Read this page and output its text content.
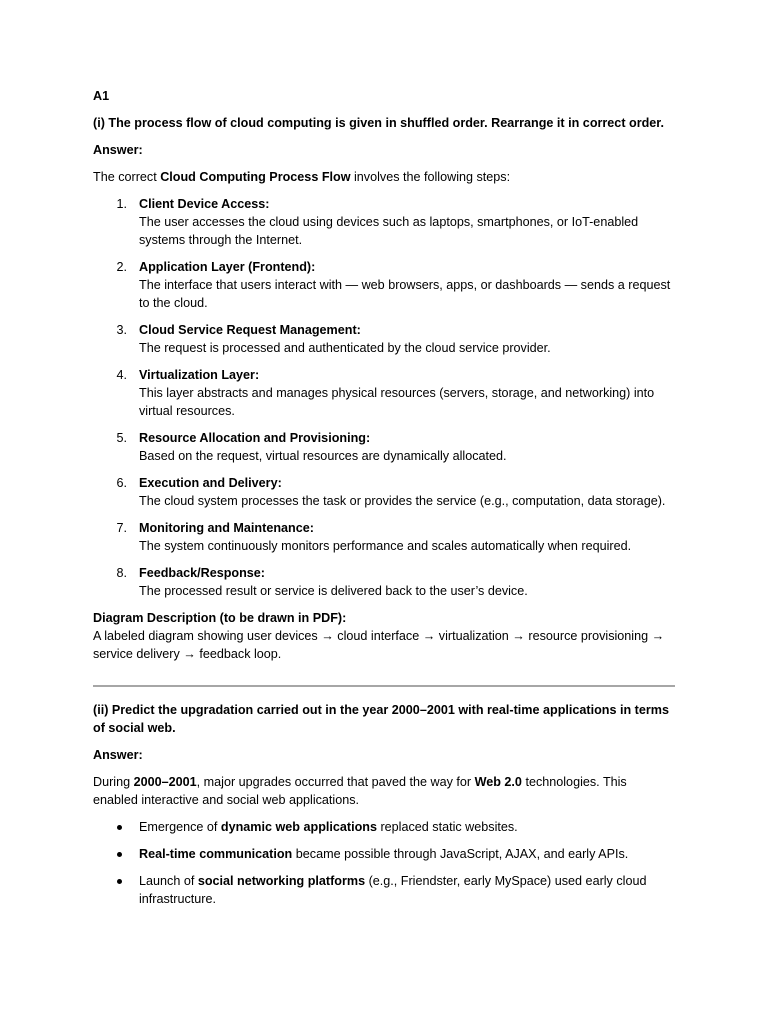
A1

(i) The process flow of cloud computing is given in shuffled order. Rearrange it in correct order.

Answer:

The correct Cloud Computing Process Flow involves the following steps:

1. Client Device Access:
The user accesses the cloud using devices such as laptops, smartphones, or IoT-enabled systems through the Internet.
2. Application Layer (Frontend):
The interface that users interact with — web browsers, apps, or dashboards — sends a request to the cloud.
3. Cloud Service Request Management:
The request is processed and authenticated by the cloud service provider.
4. Virtualization Layer:
This layer abstracts and manages physical resources (servers, storage, and networking) into virtual resources.
5. Resource Allocation and Provisioning:
Based on the request, virtual resources are dynamically allocated.
6. Execution and Delivery:
The cloud system processes the task or provides the service (e.g., computation, data storage).
7. Monitoring and Maintenance:
The system continuously monitors performance and scales automatically when required.
8. Feedback/Response:
The processed result or service is delivered back to the user’s device.

Diagram Description (to be drawn in PDF):

A labeled diagram showing user devices → cloud interface → virtualization → resource provisioning → service delivery → feedback loop.

(ii) Predict the upgradation carried out in the year 2000–2001 with real-time applications in terms of social web.

Answer:

During 2000–2001, major upgrades occurred that paved the way for Web 2.0 technologies. This enabled interactive and social web applications.

Emergence of dynamic web applications replaced static websites.
Real-time communication became possible through JavaScript, AJAX, and early APIs.
Launch of social networking platforms (e.g., Friendster, early MySpace) used early cloud infrastructure.
